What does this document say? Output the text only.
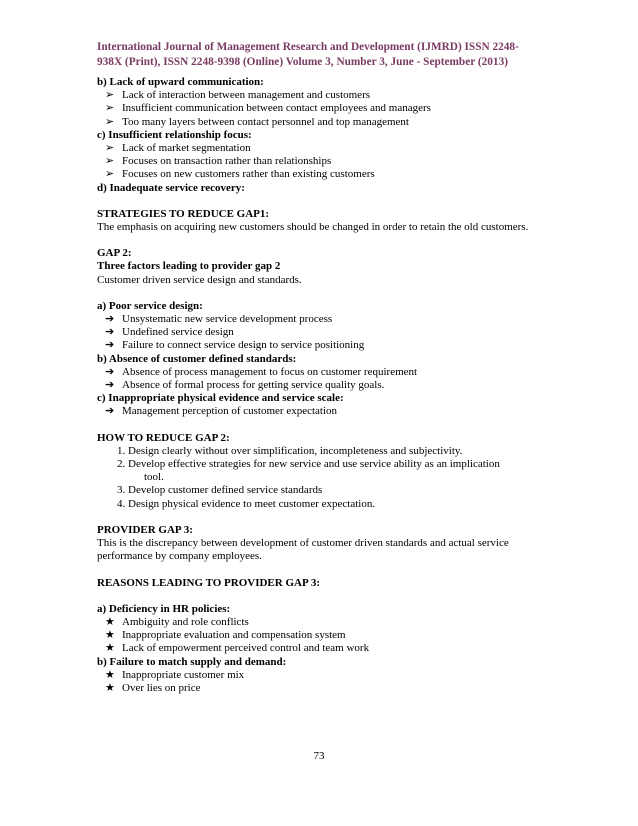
International Journal of Management Research and Development (IJMRD) ISSN 2248-
938X (Print), ISSN 2248-9398 (Online) Volume 3, Number 3, June - September (2013)
b) Lack of upward communication:
➢ Lack of interaction between management and customers
➢ Insufficient communication between contact employees and managers
➢ Too many layers between contact personnel and top management
c) Insufficient relationship focus:
➢ Lack of market segmentation
➢ Focuses on transaction rather than relationships
➢ Focuses on new customers rather than existing customers
d) Inadequate service recovery:
STRATEGIES TO REDUCE GAP1:
The emphasis on acquiring new customers should be changed in order to retain the old customers.
GAP 2:
Three factors leading to provider gap 2
Customer driven service design and standards.
a) Poor service design:
➔ Unsystematic new service development process
➔ Undefined service design
➔ Failure to connect service design to service positioning
b) Absence of customer defined standards:
➔ Absence of process management to focus on customer requirement
➔ Absence of formal process for getting service quality goals.
c) Inappropriate physical evidence and service scale:
➔ Management perception of customer expectation
HOW TO REDUCE GAP 2:
1. Design clearly without over simplification, incompleteness and subjectivity.
2. Develop effective strategies for new service and use service ability as an implication
tool.
3. Develop customer defined service standards
4. Design physical evidence to meet customer expectation.
PROVIDER GAP 3:
This is the discrepancy between development of customer driven standards and actual service performance by company employees.
REASONS LEADING TO PROVIDER GAP 3:
a) Deficiency in HR policies:
★ Ambiguity and role conflicts
★ Inappropriate evaluation and compensation system
★ Lack of empowerment perceived control and team work
b) Failure to match supply and demand:
★ Inappropriate customer mix
★ Over lies on price
73
